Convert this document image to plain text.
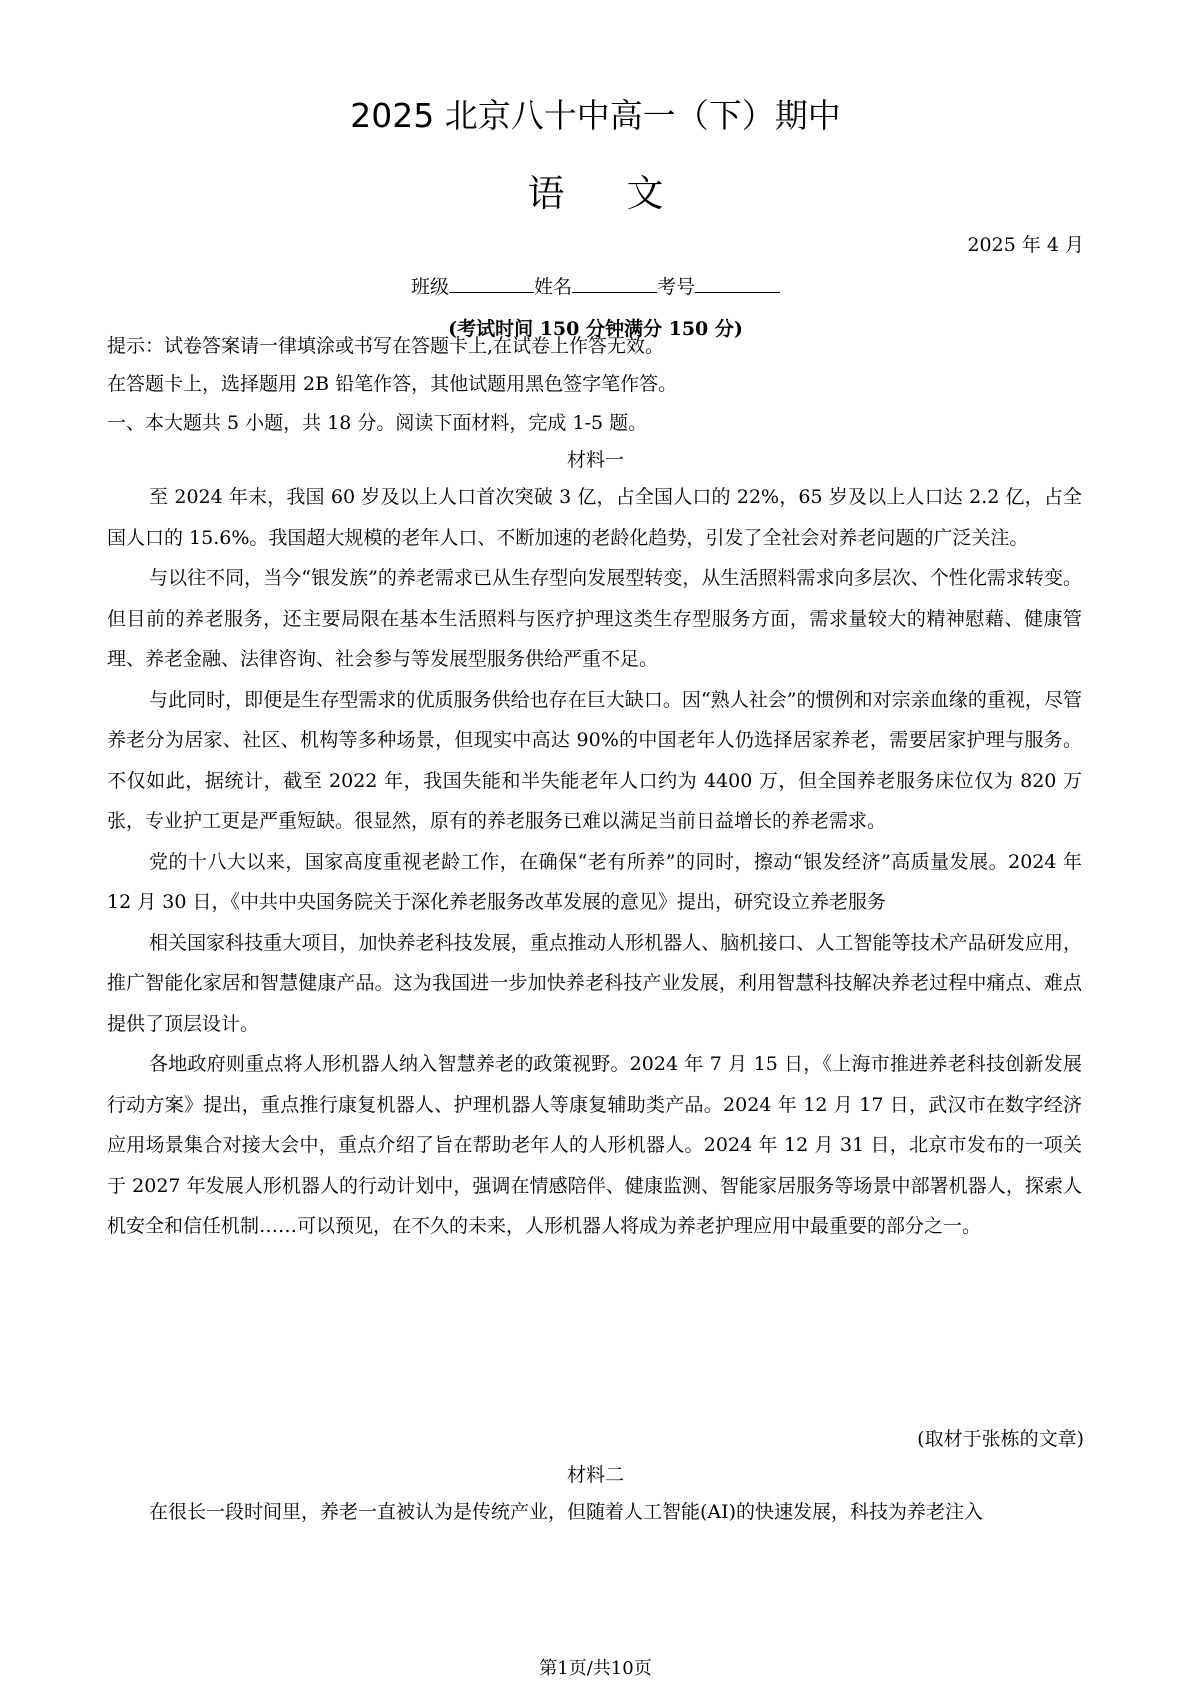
2025 北京八十中高一（下）期中
语文
2025 年 4 月
班级	姓名	考号
(考试时间 150 分钟满分 150 分)
提示：试卷答案请一律填涂或书写在答题卡上,在试卷上作答无效。
在答题卡上，选择题用 2B 铅笔作答，其他试题用黑色签字笔作答。
一、本大题共 5 小题，共 18 分。阅读下面材料，完成 1-5 题。
材料一

至 2024 年末，我国 60 岁及以上人口首次突破 3 亿，占全国人口的 22%，65 岁及以上人口达 2.2 亿，占全国人口的 15.6%。我国超大规模的老年人口、不断加速的老龄化趋势，引发了全社会对养老问题的广泛关注。

与以往不同，当今“银发族”的养老需求已从生存型向发展型转变，从生活照料需求向多层次、个性化需求转变。但目前的养老服务，还主要局限在基本生活照料与医疗护理这类生存型服务方面，需求量较大的精神慰藉、健康管理、养老金融、法律咨询、社会参与等发展型服务供给严重不足。

与此同时，即便是生存型需求的优质服务供给也存在巨大缺口。因“熟人社会”的惯例和对宗亲血缘的重视，尽管养老分为居家、社区、机构等多种场景，但现实中高达 90%的中国老年人仍选择居家养老，需要居家护理与服务。不仅如此，据统计，截至 2022 年，我国失能和半失能老年人口约为 4400 万，但全国养老服务床位仅为 820 万张，专业护工更是严重短缺。很显然，原有的养老服务已难以满足当前日益增长的养老需求。

党的十八大以来，国家高度重视老龄工作，在确保“老有所养”的同时，擦动“银发经济”高质量发展。2024 年 12 月 30 日，《中共中央国务院关于深化养老服务改革发展的意见》提出，研究设立养老服务

相关国家科技重大项目，加快养老科技发展，重点推动人形机器人、脑机接口、人工智能等技术产品研发应用，推广智能化家居和智慧健康产品。这为我国进一步加快养老科技产业发展，利用智慧科技解决养老过程中痛点、难点提供了顶层设计。

各地政府则重点将人形机器人纳入智慧养老的政策视野。2024 年 7 月 15 日，《上海市推进养老科技创新发展行动方案》提出，重点推行康复机器人、护理机器人等康复辅助类产品。2024 年 12 月 17 日，武汉市在数字经济应用场景集合对接大会中，重点介绍了旨在帮助老年人的人形机器人。2024 年 12 月 31 日，北京市发布的一项关于 2027 年发展人形机器人的行动计划中，强调在情感陪伴、健康监测、智能家居服务等场景中部署机器人，探索人机安全和信任机制……可以预见，在不久的未来，人形机器人将成为养老护理应用中最重要的部分之一。

(取材于张栋的文章)
材料二

在很长一段时间里，养老一直被认为是传统产业，但随着人工智能(AI)的快速发展，科技为养老注入

第1页/共10页
